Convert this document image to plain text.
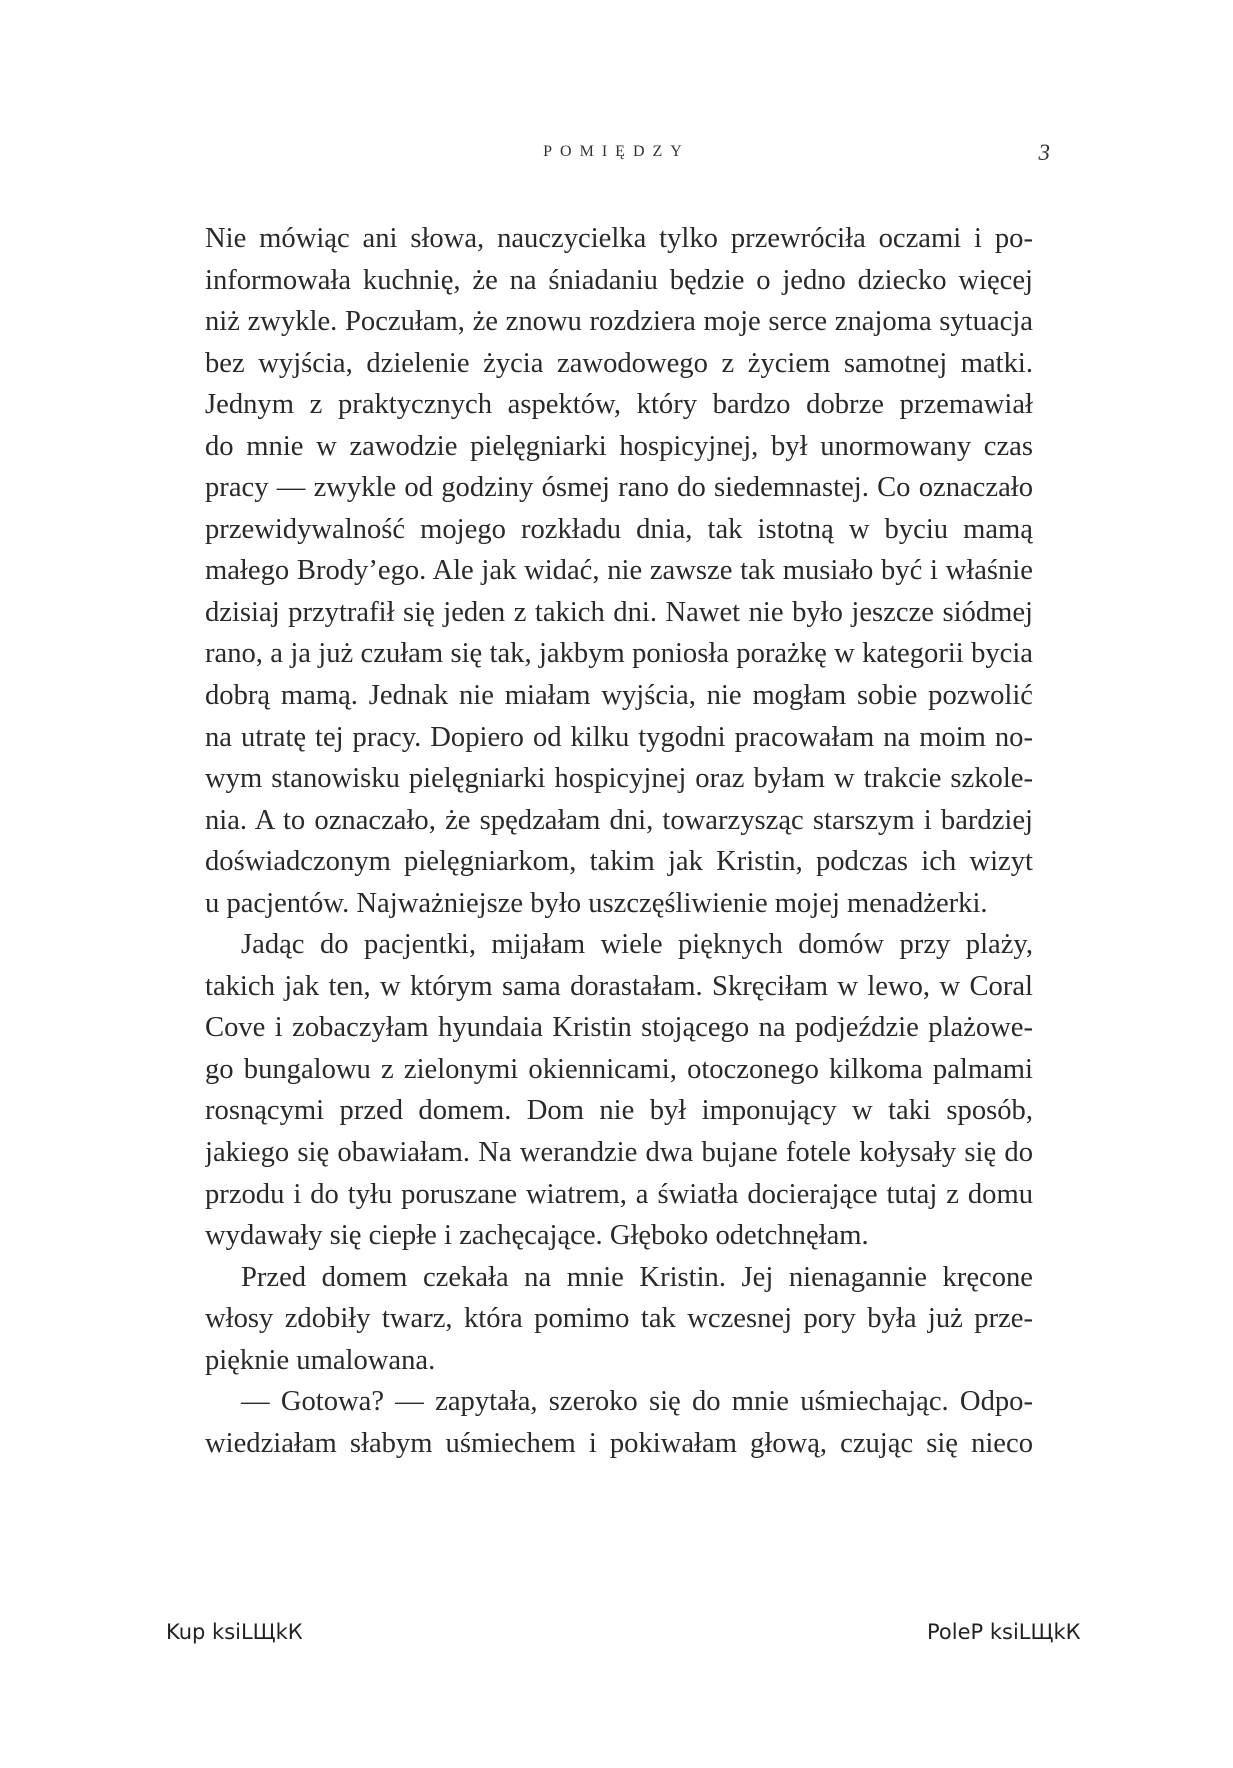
POMIĘDZY	3
Nie mówiąc ani słowa, nauczycielka tylko przewróciła oczami i po-
informowała kuchnię, że na śniadaniu będzie o jedno dziecko więcej
niż zwykle. Poczułam, że znowu rozdziera moje serce znajoma sytuacja
bez wyjścia, dzielenie życia zawodowego z życiem samotnej matki.
Jednym z praktycznych aspektów, który bardzo dobrze przemawiał
do mnie w zawodzie pielęgniarki hospicyjnej, był unormowany czas
pracy — zwykle od godziny ósmej rano do siedemnastej. Co oznaczało
przewidywalność mojego rozkładu dnia, tak istotną w byciu mamą
małego Brody’ego. Ale jak widać, nie zawsze tak musiało być i właśnie
dzisiaj przytrafił się jeden z takich dni. Nawet nie było jeszcze siódmej
rano, a ja już czułam się tak, jakbym poniosła porażkę w kategorii bycia
dobrą mamą. Jednak nie miałam wyjścia, nie mogłam sobie pozwolić
na utratę tej pracy. Dopiero od kilku tygodni pracowałam na moim no-
wym stanowisku pielęgniarki hospicyjnej oraz byłam w trakcie szkole-
nia. A to oznaczało, że spędzałam dni, towarzysząc starszym i bardziej
doświadczonym pielęgniarkom, takim jak Kristin, podczas ich wizyt
u pacjentów. Najważniejsze było uszczęśliwienie mojej menadżerki.
Jadąc do pacjentki, mijałam wiele pięknych domów przy plaży,
takich jak ten, w którym sama dorastałam. Skręciłam w lewo, w Coral
Cove i zobaczyłam hyundaia Kristin stojącego na podjeździe plażowe-
go bungalowu z zielonymi okiennicami, otoczonego kilkoma palmami
rosnącymi przed domem. Dom nie był imponujący w taki sposób,
jakiego się obawiałam. Na werandzie dwa bujane fotele kołysały się do
przodu i do tyłu poruszane wiatrem, a światła docierające tutaj z domu
wydawały się ciepłe i zachęcające. Głęboko odetchnęłam.
Przed domem czekała na mnie Kristin. Jej nienagannie kręcone
włosy zdobiły twarz, która pomimo tak wczesnej pory była już prze-
pięknie umalowana.
— Gotowa? — zapytała, szeroko się do mnie uśmiechając. Odpo-
wiedziałam słabym uśmiechem i pokiwałam głową, czując się nieco
Kup ksiLЩkК	PoleР ksiLЩkК
